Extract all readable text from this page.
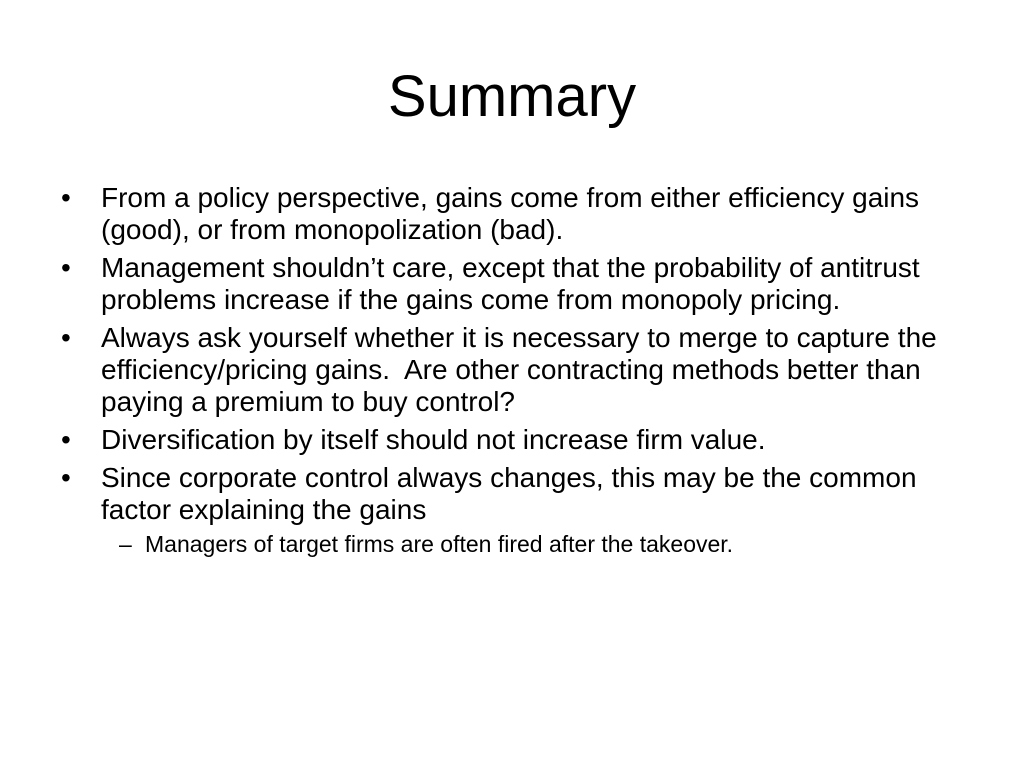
Summary
•	From a policy perspective, gains come from either efficiency gains (good), or from monopolization (bad).
•	Management shouldn’t care, except that the probability of antitrust problems increase if the gains come from monopoly pricing.
•	Always ask yourself whether it is necessary to merge to capture the efficiency/pricing gains.  Are other contracting methods better than paying a premium to buy control?
•	Diversification by itself should not increase firm value.
•	Since corporate control always changes, this may be the common factor explaining the gains
– Managers of target firms are often fired after the takeover.
